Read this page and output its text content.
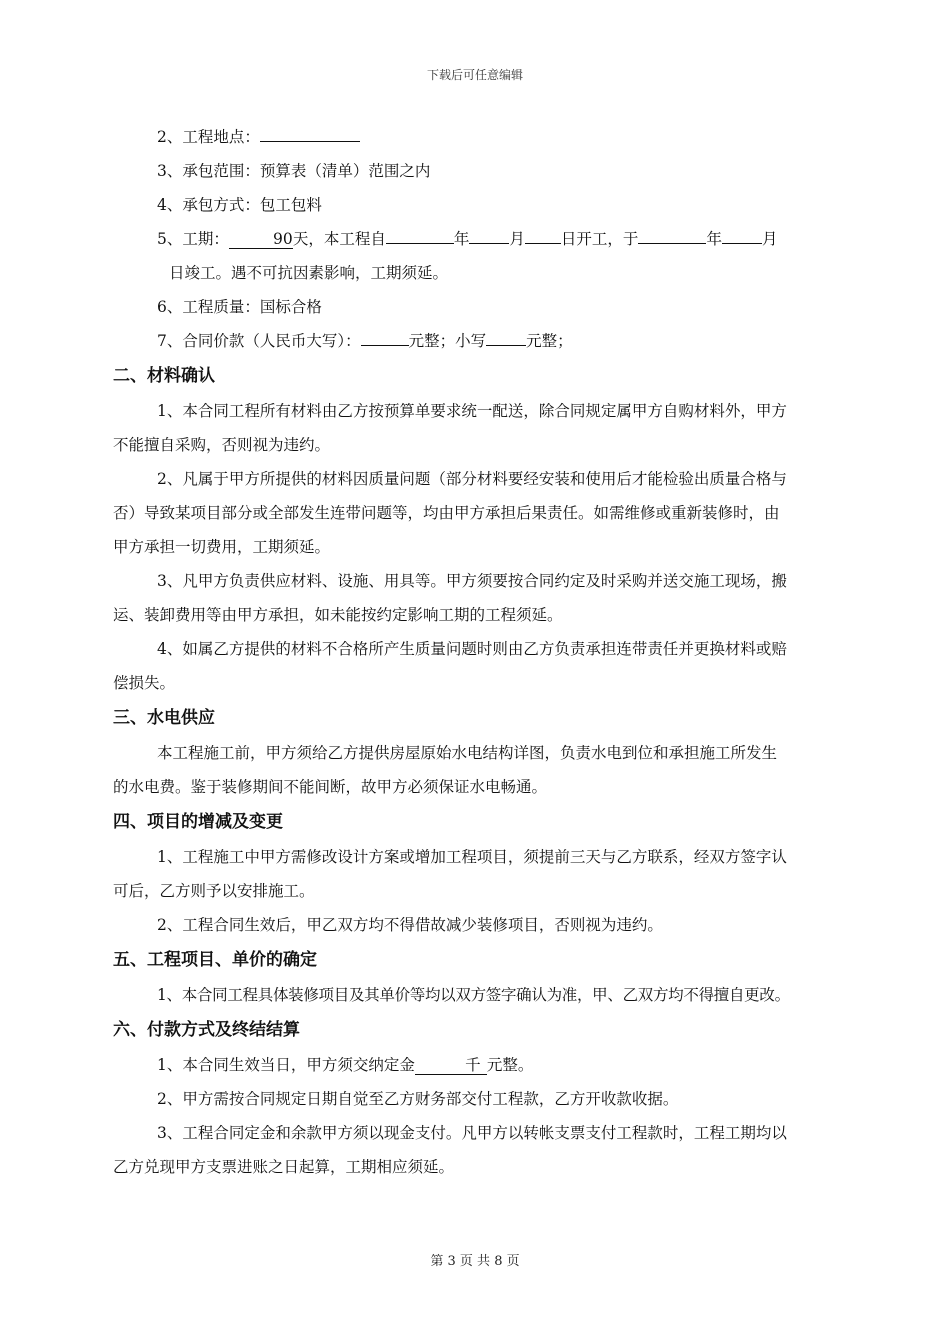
下载后可任意编辑

2、工程地点：

3、承包范围：预算表（清单）范围之内

4、承包方式：包工包料

5、工期：	90天，本工程自	年	月 日开工，于	年	月

日竣工。遇不可抗因素影响，工期须延。

6、工程质量：国标合格

7、合同价款（人民币大写）：	元整；小写	元整；

二、材料确认

1、本合同工程所有材料由乙方按预算单要求统一配送，除合同规定属甲方自购材料外，甲方

不能擅自采购，否则视为违约。

2、凡属于甲方所提供的材料因质量问题（部分材料要经安装和使用后才能检验出质量合格与

否）导致某项目部分或全部发生连带问题等，均由甲方承担后果责任。如需维修或重新装修时，由

甲方承担一切费用，工期须延。

3、凡甲方负责供应材料、设施、用具等。甲方须要按合同约定及时采购并送交施工现场，搬

运、装卸费用等由甲方承担，如未能按约定影响工期的工程须延。

4、如属乙方提供的材料不合格所产生质量问题时则由乙方负责承担连带责任并更换材料或赔

偿损失。

三、水电供应

本工程施工前，甲方须给乙方提供房屋原始水电结构详图，负责水电到位和承担施工所发生

的水电费。鉴于装修期间不能间断，故甲方必须保证水电畅通。

四、项目的增减及变更

1、工程施工中甲方需修改设计方案或增加工程项目，须提前三天与乙方联系，经双方签字认

可后，乙方则予以安排施工。

2、工程合同生效后，甲乙双方均不得借故减少装修项目，否则视为违约。

五、工程项目、单价的确定

1、本合同工程具体装修项目及其单价等均以双方签字确认为准，甲、乙双方均不得擅自更改。

六、付款方式及终结结算

1、本合同生效当日，甲方须交纳定金	千 元整。

2、甲方需按合同规定日期自觉至乙方财务部交付工程款，乙方开收款收据。

3、工程合同定金和余款甲方须以现金支付。凡甲方以转帐支票支付工程款时，工程工期均以

乙方兑现甲方支票进账之日起算，工期相应须延。

第 3 页 共 8 页
